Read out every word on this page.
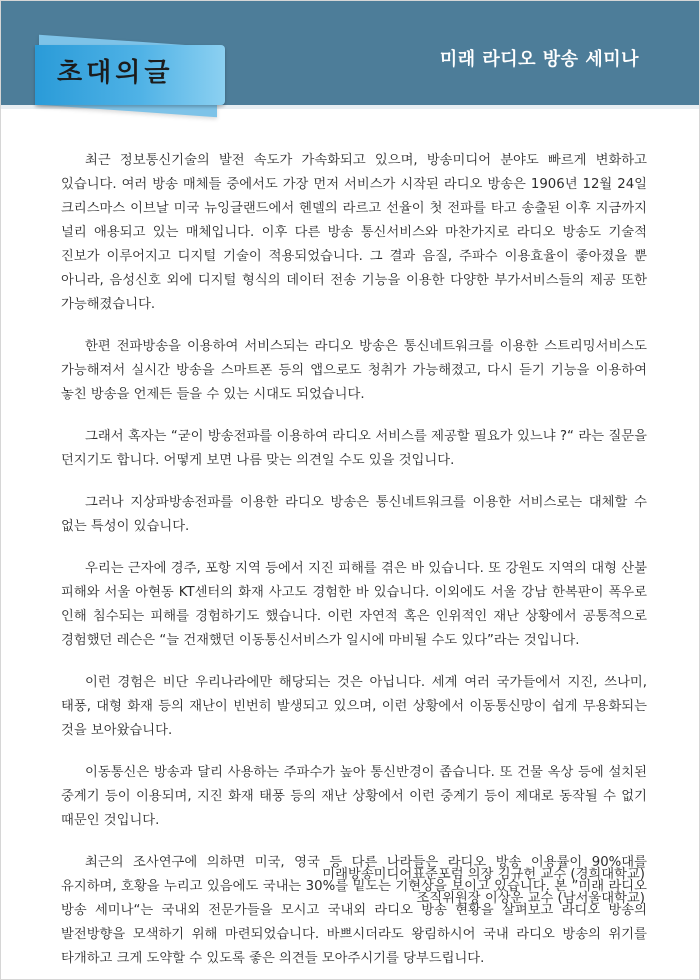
초대의글	미래 라디오 방송 세미나

최근 정보통신기술의 발전 속도가 가속화되고 있으며, 방송미디어 분야도 빠르게 변화하고 있습니다. 여러 방송 매체들 중에서도 가장 먼저 서비스가 시작된 라디오 방송은 1906년 12월 24일 크리스마스 이브날 미국 뉴잉글랜드에서 헨델의 라르고 선율이 첫 전파를 타고 송출된 이후 지금까지 널리 애용되고 있는 매체입니다. 이후 다른 방송 통신서비스와 마찬가지로 라디오 방송도 기술적 진보가 이루어지고 디지털 기술이 적용되었습니다. 그 결과 음질, 주파수 이용효율이 좋아졌을 뿐 아니라, 음성신호 외에 디지털 형식의 데이터 전송 기능을 이용한 다양한 부가서비스들의 제공 또한 가능해졌습니다.

한편 전파방송을 이용하여 서비스되는 라디오 방송은 통신네트워크를 이용한 스트리밍서비스도 가능해져서 실시간 방송을 스마트폰 등의 앱으로도 청취가 가능해졌고, 다시 듣기 기능을 이용하여 놓친 방송을 언제든 들을 수 있는 시대도 되었습니다.

그래서 혹자는 “굳이 방송전파를 이용하여 라디오 서비스를 제공할 필요가 있느냐 ?“ 라는 질문을 던지기도 합니다. 어떻게 보면 나름 맞는 의견일 수도 있을 것입니다.

그러나 지상파방송전파를 이용한 라디오 방송은 통신네트워크를 이용한 서비스로는 대체할 수 없는 특성이 있습니다.

우리는 근자에 경주, 포항 지역 등에서 지진 피해를 겪은 바 있습니다. 또 강원도 지역의 대형 산불 피해와 서울 아현동 KT센터의 화재 사고도 경험한 바 있습니다. 이외에도 서울 강남 한복판이 폭우로 인해 침수되는 피해를 경험하기도 했습니다. 이런 자연적 혹은 인위적인 재난 상황에서 공통적으로 경험했던 레슨은 “늘 건재했던 이동통신서비스가 일시에 마비될 수도 있다”라는 것입니다.

이런 경험은 비단 우리나라에만 해당되는 것은 아닙니다. 세계 여러 국가들에서 지진, 쓰나미, 태풍, 대형 화재 등의 재난이 빈번히 발생되고 있으며, 이런 상황에서 이동통신망이 쉽게 무용화되는 것을 보아왔습니다.

이동통신은 방송과 달리 사용하는 주파수가 높아 통신반경이 좁습니다. 또 건물 옥상 등에 설치된 중계기 등이 이용되며, 지진 화재 태풍 등의 재난 상황에서 이런 중계기 등이 제대로 동작될 수 없기 때문인 것입니다.

최근의 조사연구에 의하면 미국, 영국 등 다른 나라들은 라디오 방송 이용률이 90%대를 유지하며, 호황을 누리고 있음에도 국내는 30%를 밑도는 기현상을 보이고 있습니다. 본 ”미래 라디오 방송 세미나“는 국내외 전문가들을 모시고 국내외 라디오 방송 현황을 살펴보고 라디오 방송의 발전방향을 모색하기 위해 마련되었습니다. 바쁘시더라도 왕림하시어 국내 라디오 방송의 위기를 타개하고 크게 도약할 수 있도록 좋은 의견들 모아주시기를 당부드립니다.

미래방송미디어표준포럼 의장 김규헌 교수 (경희대학교)
조직위원장 이상운 교수 (남서울대학교)
